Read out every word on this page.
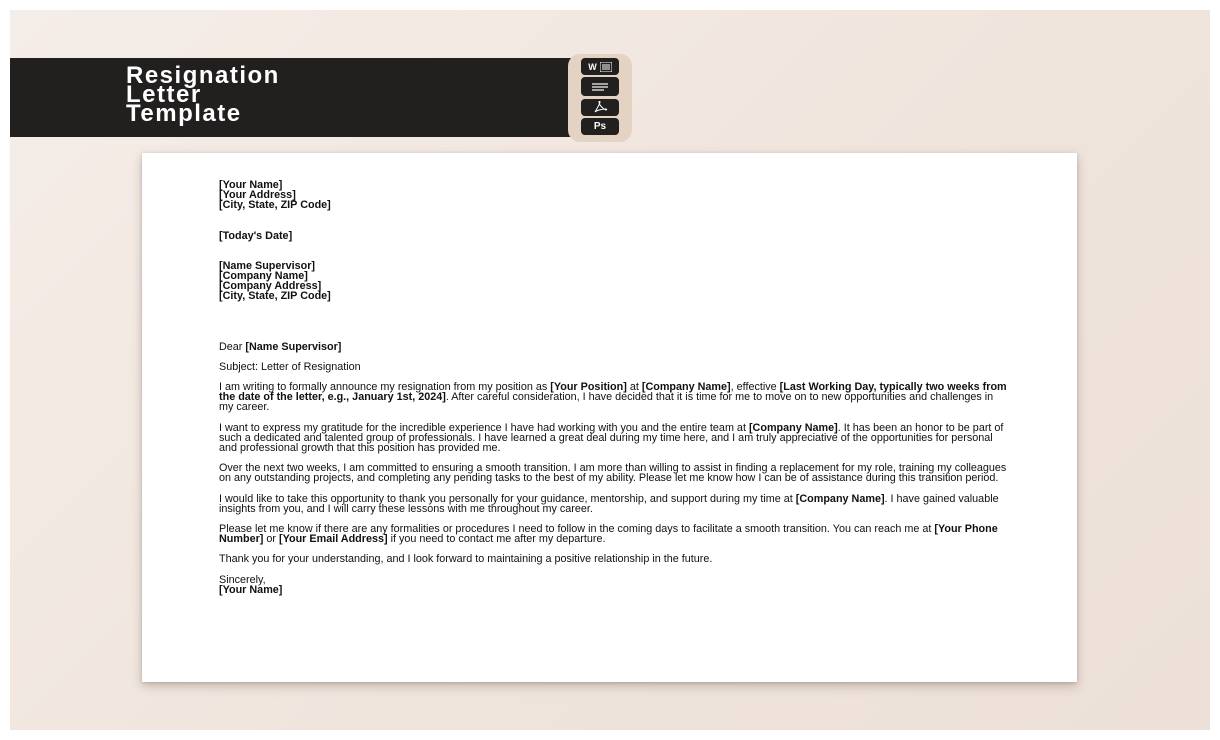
Resignation
Letter
Template
W
Ps
[Your Name]
[Your Address]
[City, State, ZIP Code]
[Today's Date]
[Name Supervisor]
[Company Name]
[Company Address]
[City, State, ZIP Code]

Dear [Name Supervisor]

Subject: Letter of Resignation

I am writing to formally announce my resignation from my position as [Your Position] at [Company Name], effective [Last Working Day, typically two weeks from the date of the letter, e.g., January 1st, 2024]. After careful consideration, I have decided that it is time for me to move on to new opportunities and challenges in my career.

I want to express my gratitude for the incredible experience I have had working with you and the entire team at [Company Name]. It has been an honor to be part of such a dedicated and talented group of professionals. I have learned a great deal during my time here, and I am truly appreciative of the opportunities for personal and professional growth that this position has provided me.

Over the next two weeks, I am committed to ensuring a smooth transition. I am more than willing to assist in finding a replacement for my role, training my colleagues on any outstanding projects, and completing any pending tasks to the best of my ability. Please let me know how I can be of assistance during this transition period.

I would like to take this opportunity to thank you personally for your guidance, mentorship, and support during my time at [Company Name]. I have gained valuable insights from you, and I will carry these lessons with me throughout my career.

Please let me know if there are any formalities or procedures I need to follow in the coming days to facilitate a smooth transition. You can reach me at [Your Phone Number] or [Your Email Address] if you need to contact me after my departure.

Thank you for your understanding, and I look forward to maintaining a positive relationship in the future.

Sincerely,

[Your Name]
